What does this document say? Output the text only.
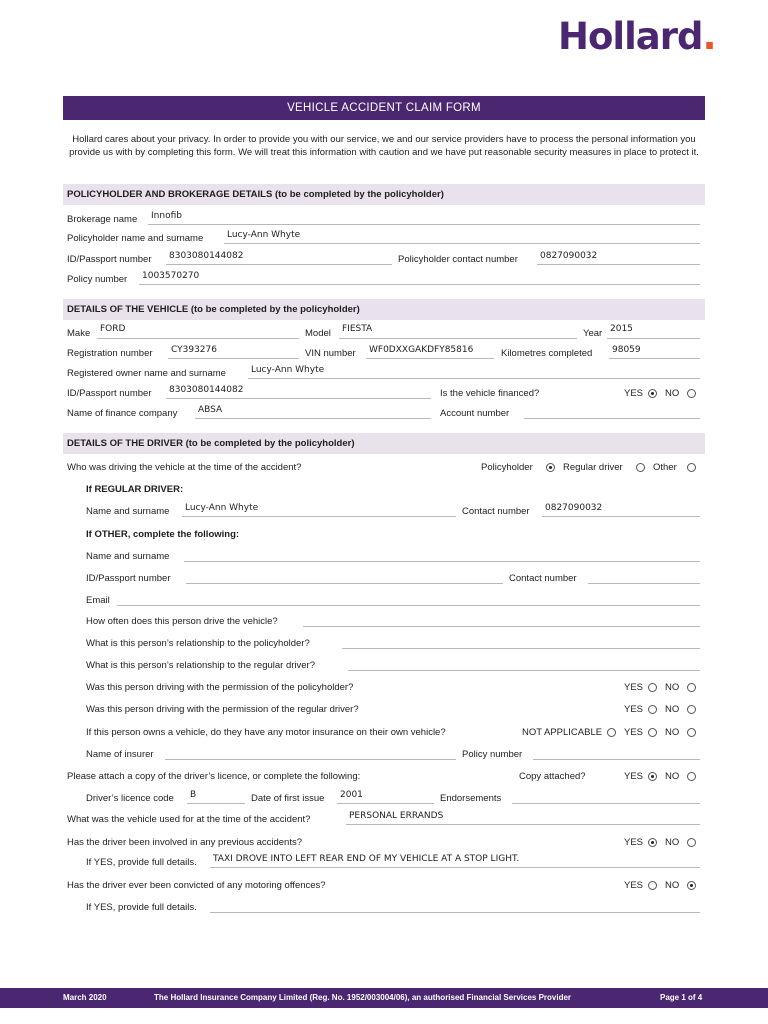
Hollard.
VEHICLE ACCIDENT CLAIM FORM
Hollard cares about your privacy. In order to provide you with our service, we and our service providers have to process the personal information you provide us with by completing this form. We will treat this information with caution and we have put reasonable security measures in place to protect it.
POLICYHOLDER AND BROKERAGE DETAILS (to be completed by the policyholder)
Brokerage name Innofib
Policyholder name and surname	Lucy-Ann Whyte
ID/Passport number 8303080144082	Policyholder contact number 0827090032
Policy number 1003570270
DETAILS OF THE VEHICLE (to be completed by the policyholder)
Make FORD	Model FIESTA	Year 2015
Registration number CY393276	VIN number WF0DXXGAKDFY85816	Kilometres completed 98059
Registered owner name and surname	Lucy-Ann Whyte
ID/Passport number 8303080144082	Is the vehicle financed?	YES NO
Name of finance company ABSA	Account number
DETAILS OF THE DRIVER (to be completed by the policyholder)
Who was driving the vehicle at the time of the accident?	Policyholder	Regular driver	Other
If REGULAR DRIVER:
Name and surname Lucy-Ann Whyte	Contact number 0827090032
If OTHER, complete the following:
Name and surname
ID/Passport number	Contact number
Email
How often does this person drive the vehicle?
What is this person’s relationship to the policyholder?
What is this person’s relationship to the regular driver?
Was this person driving with the permission of the policyholder?	YES NO
Was this person driving with the permission of the regular driver?	YES NO
If this person owns a vehicle, do they have any motor insurance on their own vehicle?	NOT APPLICABLE YES NO
Name of insurer	Policy number
Please attach a copy of the driver’s licence, or complete the following:	Copy attached?	YES NO
Driver’s licence code B	Date of first issue 2001	Endorsements
What was the vehicle used for at the time of the accident?	PERSONAL ERRANDS
Has the driver been involved in any previous accidents?	YES NO
If YES, provide full details. TAXI DROVE INTO LEFT REAR END OF MY VEHICLE AT A STOP LIGHT.
Has the driver ever been convicted of any motoring offences?	YES NO
If YES, provide full details.
March 2020	The Hollard Insurance Company Limited (Reg. No. 1952/003004/06), an authorised Financial Services Provider	Page 1 of 4
